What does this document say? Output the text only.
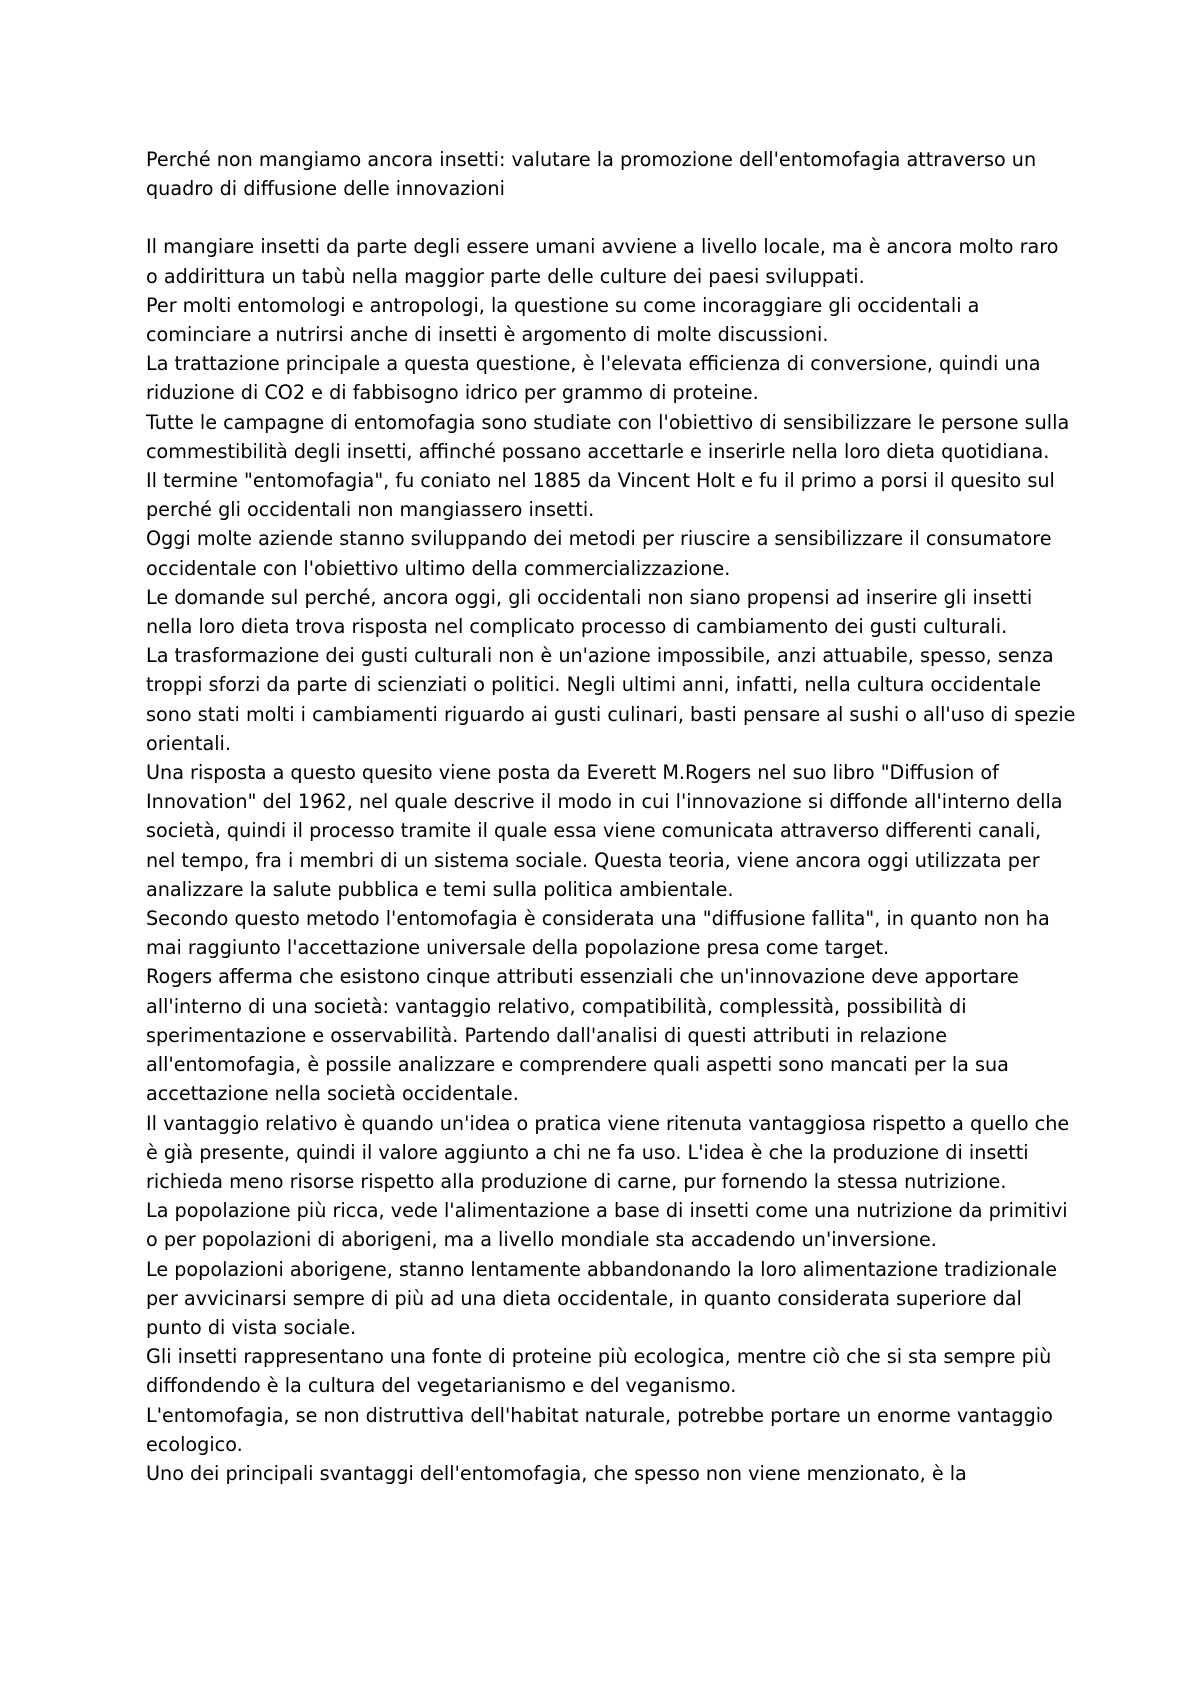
Perché non mangiamo ancora insetti: valutare la promozione dell'entomofagia attraverso un quadro di diffusione delle innovazioni

Il mangiare insetti da parte degli essere umani avviene a livello locale, ma è ancora molto raro o addirittura un tabù nella maggior parte delle culture dei paesi sviluppati.

Per molti entomologi e antropologi, la questione su come incoraggiare gli occidentali a cominciare a nutrirsi anche di insetti è argomento di molte discussioni.

La trattazione principale a questa questione, è l'elevata efficienza di conversione, quindi una riduzione di CO2 e di fabbisogno idrico per grammo di proteine.

Tutte le campagne di entomofagia sono studiate con l'obiettivo di sensibilizzare le persone sulla commestibilità degli insetti, affinché possano accettarle e inserirle nella loro dieta quotidiana.

Il termine "entomofagia", fu coniato nel 1885 da Vincent Holt e fu il primo a porsi il quesito sul perché gli occidentali non mangiassero insetti.

Oggi molte aziende stanno sviluppando dei metodi per riuscire a sensibilizzare il consumatore occidentale con l'obiettivo ultimo della commercializzazione.

Le domande sul perché, ancora oggi, gli occidentali non siano propensi ad inserire gli insetti nella loro dieta trova risposta nel complicato processo di cambiamento dei gusti culturali.

La trasformazione dei gusti culturali non è un'azione impossibile, anzi attuabile, spesso, senza troppi sforzi da parte di scienziati o politici. Negli ultimi anni, infatti, nella cultura occidentale sono stati molti i cambiamenti riguardo ai gusti culinari, basti pensare al sushi o all'uso di spezie orientali.

Una risposta a questo quesito viene posta da Everett M.Rogers nel suo libro "Diffusion of Innovation" del 1962, nel quale descrive il modo in cui l'innovazione si diffonde all'interno della società, quindi il processo tramite il quale essa viene comunicata attraverso differenti canali, nel tempo, fra i membri di un sistema sociale. Questa teoria, viene ancora oggi utilizzata per analizzare la salute pubblica e temi sulla politica ambientale.

Secondo questo metodo l'entomofagia è considerata una "diffusione fallita", in quanto non ha mai raggiunto l'accettazione universale della popolazione presa come target.

Rogers afferma che esistono cinque attributi essenziali che un'innovazione deve apportare all'interno di una società: vantaggio relativo, compatibilità, complessità, possibilità di sperimentazione e osservabilità. Partendo dall'analisi di questi attributi in relazione all'entomofagia, è possile analizzare e comprendere quali aspetti sono mancati per la sua accettazione nella società occidentale.

Il vantaggio relativo è quando un'idea o pratica viene ritenuta vantaggiosa rispetto a quello che è già presente, quindi il valore aggiunto a chi ne fa uso. L'idea è che la produzione di insetti richieda meno risorse rispetto alla produzione di carne, pur fornendo la stessa nutrizione.

La popolazione più ricca, vede l'alimentazione a base di insetti come una nutrizione da primitivi o per popolazioni di aborigeni, ma a livello mondiale sta accadendo un'inversione.

Le popolazioni aborigene, stanno lentamente abbandonando la loro alimentazione tradizionale per avvicinarsi sempre di più ad una dieta occidentale, in quanto considerata superiore dal punto di vista sociale.

Gli insetti rappresentano una fonte di proteine più ecologica, mentre ciò che si sta sempre più diffondendo è la cultura del vegetarianismo e del veganismo.

L'entomofagia, se non distruttiva dell'habitat naturale, potrebbe portare un enorme vantaggio ecologico.

Uno dei principali svantaggi dell'entomofagia, che spesso non viene menzionato, è la
